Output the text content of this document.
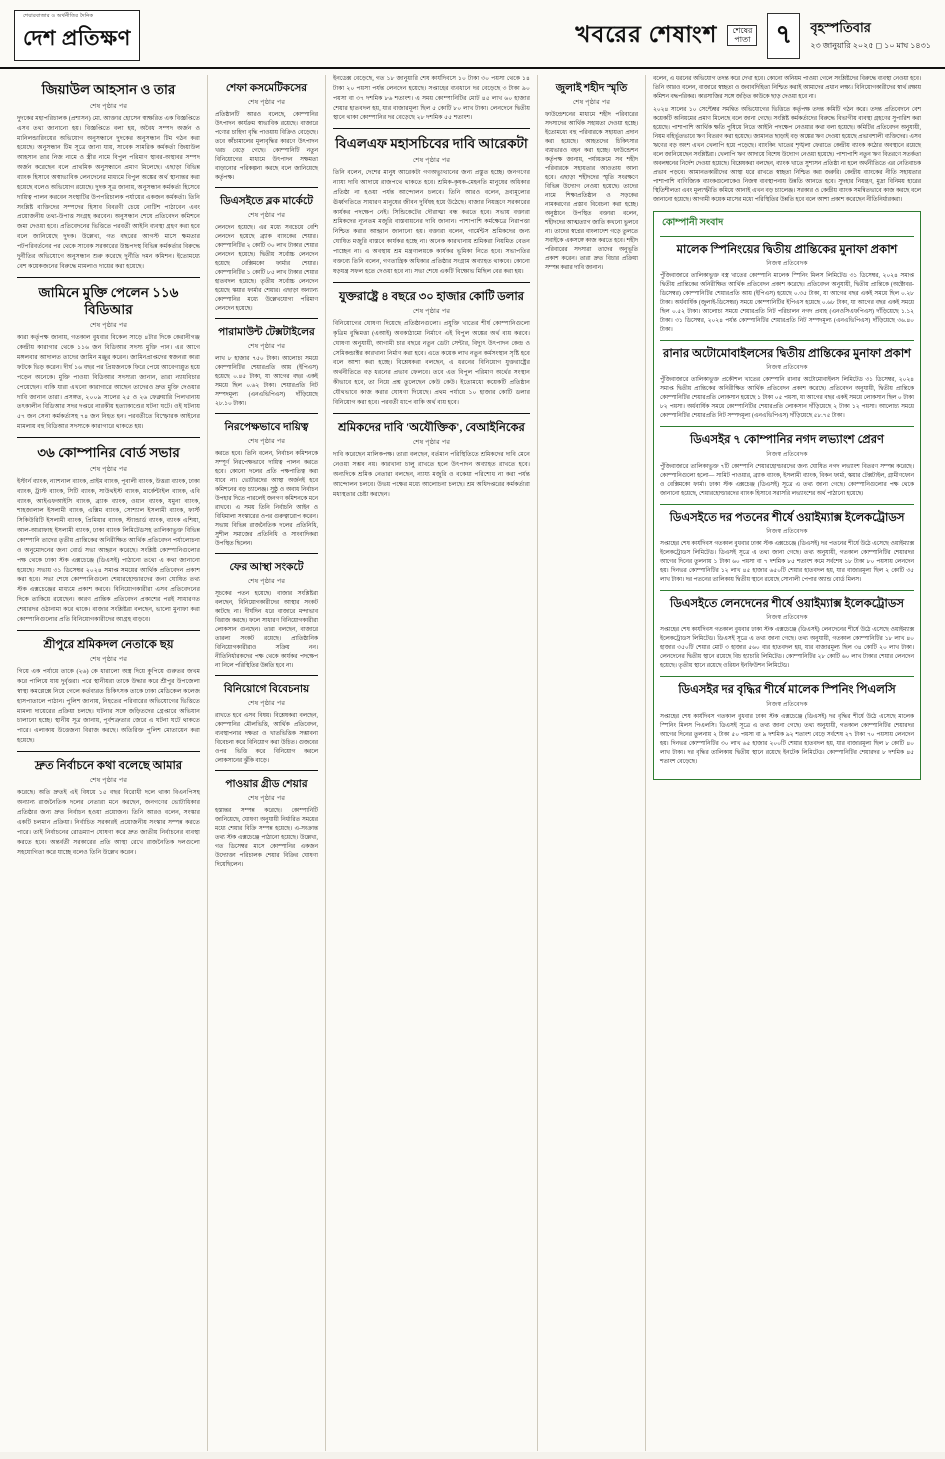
শেয়ারবাজার ও অর্থনীতির দৈনিক
দেশ প্রতিক্ষণ	খবরের শেষাংশ শেষের
পাতা ৭	বৃহস্পতিবার
২৩ জানুয়ারি ২০২৫ ◻ ১০ মাঘ ১৪৩১
জিয়াউল আহসান ও তার
শেষ পৃষ্ঠার পর

দুদকের মহাপরিচালক (প্রশাসন) মো. আক্তার হোসেন স্বাক্ষরিত এক বিজ্ঞপ্তিতে এসব তথ্য জানানো হয়। বিজ্ঞপ্তিতে বলা হয়, অবৈধ সম্পদ অর্জন ও মানিলন্ডারিংয়ের অভিযোগ অনুসন্ধানে দুদকের অনুসন্ধান টিম গঠন করা হয়েছে। অনুসন্ধান টিম সূত্রে জানা যায়, সাবেক সামরিক কর্মকর্তা জিয়াউল আহসান তার নিজ নামে ও স্ত্রীর নামে বিপুল পরিমাণ স্থাবর-অস্থাবর সম্পদ অর্জন করেছেন বলে প্রাথমিক অনুসন্ধানে প্রমাণ মিলেছে। এছাড়া বিভিন্ন ব্যাংক হিসাবে অস্বাভাবিক লেনদেনের মাধ্যমে বিপুল অঙ্কের অর্থ স্থানান্তর করা হয়েছে বলেও অভিযোগ রয়েছে। দুদক সূত্র জানায়, অনুসন্ধান কর্মকর্তা হিসেবে দায়িত্ব পালন করবেন সংস্থাটির উপপরিচালক পর্যায়ের একজন কর্মকর্তা। তিনি সংশ্লিষ্ট ব্যক্তিদের সম্পদের হিসাব বিবরণী চেয়ে নোটিশ পাঠাবেন এবং প্রয়োজনীয় তথ্য-উপাত্ত সংগ্রহ করবেন। অনুসন্ধান শেষে প্রতিবেদন কমিশনে জমা দেওয়া হবে। প্রতিবেদনের ভিত্তিতে পরবর্তী আইনি ব্যবস্থা গ্রহণ করা হবে বলে জানিয়েছে দুদক। উল্লেখ্য, গত বছরের আগস্ট মাসে ক্ষমতার পটপরিবর্তনের পর থেকে সাবেক সরকারের উচ্চপদস্থ বিভিন্ন কর্মকর্তার বিরুদ্ধে দুর্নীতির অভিযোগে অনুসন্ধান শুরু করেছে দুর্নীতি দমন কমিশন। ইতোমধ্যে বেশ কয়েকজনের বিরুদ্ধে মামলাও দায়ের করা হয়েছে।

জামিনে মুক্তি পেলেন ১১৬ বিডিআর
শেষ পৃষ্ঠার পর

কারা কর্তৃপক্ষ জানায়, গতকাল বুধবার বিকেল সাড়ে ৪টার দিকে কেরানীগঞ্জ কেন্দ্রীয় কারাগার থেকে ১১৬ জন বিডিআর সদস্য মুক্তি পান। এর আগে মঙ্গলবার আদালত তাদের জামিন মঞ্জুর করেন। জামিনপ্রাপ্তদের স্বজনরা কারা ফটকে ভিড় করেন। দীর্ঘ ১৬ বছর পর প্রিয়জনকে ফিরে পেয়ে আবেগাপ্লুত হয়ে পড়েন অনেকে। মুক্তি পাওয়া বিডিআর সদস্যরা জানান, তারা ন্যায়বিচার পেয়েছেন। বাকি যারা এখনো কারাগারে আছেন তাদেরও দ্রুত মুক্তি দেওয়ার দাবি জানান তারা। প্রসঙ্গত, ২০০৯ সালের ২৫ ও ২৬ ফেব্রুয়ারি পিলখানায় তৎকালীন বিডিআর সদর দপ্তরে নারকীয় হত্যাকাণ্ডের ঘটনা ঘটে। ওই ঘটনায় ৫৭ জন সেনা কর্মকর্তাসহ ৭৪ জন নিহত হন। পরবর্তীতে বিস্ফোরক আইনের মামলায় বহু বিডিআর সদস্যকে কারাগারে থাকতে হয়।

৩৬ কোম্পানির বোর্ড সভার
শেষ পৃষ্ঠার পর

ইস্টার্ন ব্যাংক, ন্যাশনাল ব্যাংক, প্রাইম ব্যাংক, পূবালী ব্যাংক, উত্তরা ব্যাংক, ঢাকা ব্যাংক, ট্রাস্ট ব্যাংক, সিটি ব্যাংক, সাউথইস্ট ব্যাংক, মার্কেন্টাইল ব্যাংক, এবি ব্যাংক, আইএফআইসি ব্যাংক, ব্র্যাক ব্যাংক, ওয়ান ব্যাংক, যমুনা ব্যাংক, শাহজালাল ইসলামী ব্যাংক, এক্সিম ব্যাংক, সোশ্যাল ইসলামী ব্যাংক, ফার্স্ট সিকিউরিটি ইসলামী ব্যাংক, প্রিমিয়ার ব্যাংক, স্ট্যান্ডার্ড ব্যাংক, ব্যাংক এশিয়া, আল-আরাফাহ ইসলামী ব্যাংক, ঢাকা ব্যাংক লিমিটেডসহ তালিকাভুক্ত বিভিন্ন কোম্পানি তাদের তৃতীয় প্রান্তিকের অনিরীক্ষিত আর্থিক প্রতিবেদন পর্যালোচনা ও অনুমোদনের জন্য বোর্ড সভা আহ্বান করেছে। সংশ্লিষ্ট কোম্পানিগুলোর পক্ষ থেকে ঢাকা স্টক এক্সচেঞ্জে (ডিএসই) পাঠানো তথ্যে এ কথা জানানো হয়েছে। সভায় ৩১ ডিসেম্বর ২০২৪ সমাপ্ত সময়ের আর্থিক প্রতিবেদন প্রকাশ করা হবে। সভা শেষে কোম্পানিগুলো শেয়ারহোল্ডারদের জন্য ঘোষিত তথ্য স্টক এক্সচেঞ্জের মাধ্যমে প্রকাশ করবে। বিনিয়োগকারীরা এসব প্রতিবেদনের দিকে তাকিয়ে রয়েছেন। কারণ প্রান্তিক প্রতিবেদন প্রকাশের পরই সাধারণত শেয়ারদর ওঠানামা করে থাকে। বাজার সংশ্লিষ্টরা বলছেন, ভালো মুনাফা করা কোম্পানিগুলোর প্রতি বিনিয়োগকারীদের আগ্রহ বাড়বে।

শ্রীপুরে শ্রমিকদল নেতাকে ছয়
শেষ পৃষ্ঠার পর

গিয়ে এক পর্যায়ে তাকে (২৬) কে ধারালো অস্ত্র দিয়ে কুপিয়ে গুরুতর জখম করে পালিয়ে যায় দুর্বৃত্তরা। পরে স্থানীয়রা তাকে উদ্ধার করে শ্রীপুর উপজেলা স্বাস্থ্য কমপ্লেক্সে নিয়ে গেলে কর্তব্যরত চিকিৎসক তাকে ঢাকা মেডিকেল কলেজ হাসপাতালে পাঠান। পুলিশ জানায়, নিহতের পরিবারের অভিযোগের ভিত্তিতে মামলা দায়েরের প্রক্রিয়া চলছে। ঘটনার সঙ্গে জড়িতদের গ্রেপ্তারে অভিযান চালানো হচ্ছে। স্থানীয় সূত্র জানায়, পূর্বশত্রুতার জেরে এ ঘটনা ঘটে থাকতে পারে। এলাকায় উত্তেজনা বিরাজ করছে। অতিরিক্ত পুলিশ মোতায়েন করা হয়েছে।

দ্রুত নির্বাচনে কথা বলেছে আমার
শেষ পৃষ্ঠার পর

করেছে। অতি দ্রুতই এই বিষয়ে ১৫ বছর বিরোধী দলে থাকা বিএনপিসহ অন্যান্য রাজনৈতিক দলের নেতারা মনে করছেন, জনগণের ভোটাধিকার প্রতিষ্ঠার জন্য দ্রুত নির্বাচন হওয়া প্রয়োজন। তিনি আরও বলেন, সংস্কার একটি চলমান প্রক্রিয়া। নির্বাচিত সরকারই প্রয়োজনীয় সংস্কার সম্পন্ন করতে পারে। তাই নির্বাচনের রোডম্যাপ ঘোষণা করে দ্রুত জাতীয় নির্বাচনের ব্যবস্থা করতে হবে। অন্তর্বর্তী সরকারের প্রতি আস্থা রেখে রাজনৈতিক দলগুলো সহযোগিতা করে যাচ্ছে বলেও তিনি উল্লেখ করেন।

শেফা কসমেটিকসের
শেষ পৃষ্ঠার পর

প্রতিষ্ঠানটি আরও বলেছে, কোম্পানির উৎপাদন কার্যক্রম স্বাভাবিক রয়েছে। বাজারে পণ্যের চাহিদা বৃদ্ধি পাওয়ায় বিক্রিও বেড়েছে। তবে কাঁচামালের মূল্যবৃদ্ধির কারণে উৎপাদন খরচ বেড়ে গেছে। কোম্পানিটি নতুন বিনিয়োগের মাধ্যমে উৎপাদন সক্ষমতা বাড়ানোর পরিকল্পনা করছে বলে জানিয়েছে কর্তৃপক্ষ।

ডিএসইতে ব্লক মার্কেটে
শেষ পৃষ্ঠার পর

লেনদেন হয়েছে। এর মধ্যে সবচেয়ে বেশি লেনদেন হয়েছে ব্র্যাক ব্যাংকের শেয়ার। কোম্পানিটির ২ কোটি ৩০ লাখ টাকার শেয়ার লেনদেন হয়েছে। দ্বিতীয় সর্বোচ্চ লেনদেন হয়েছে বেক্সিমকো ফার্মার শেয়ার। কোম্পানিটির ১ কোটি ৮৫ লাখ টাকার শেয়ার হাতবদল হয়েছে। তৃতীয় সর্বোচ্চ লেনদেন হয়েছে স্কয়ার ফার্মার শেয়ার। এছাড়া অন্যান্য কোম্পানির মধ্যে উল্লেখযোগ্য পরিমাণ লেনদেন হয়েছে।

পারামাউন্ট টেক্সটাইলের
শেষ পৃষ্ঠার পর

লাখ ৮ হাজার ৭৫০ টাকা। আলোচ্য সময়ে কোম্পানিটির শেয়ারপ্রতি আয় (ইপিএস) হয়েছে ০.৪৫ টাকা, যা আগের বছর একই সময়ে ছিল ০.৬২ টাকা। শেয়ারপ্রতি নিট সম্পদমূল্য (এনএভিপিএস) দাঁড়িয়েছে ২৮.১০ টাকা।

নিরপেক্ষভাবে দায়িত্ব
শেষ পৃষ্ঠার পর

করতে হবে। তিনি বলেন, নির্বাচন কমিশনকে সম্পূর্ণ নিরপেক্ষভাবে দায়িত্ব পালন করতে হবে। কোনো দলের প্রতি পক্ষপাতিত্ব করা যাবে না। ভোটারদের আস্থা অর্জনই হবে কমিশনের বড় চ্যালেঞ্জ। সুষ্ঠু ও অবাধ নির্বাচন উপহার দিতে পারলেই জনগণ কমিশনকে মনে রাখবে। এ সময় তিনি নির্বাচনি আইন ও বিধিমালা সংস্কারের ওপর গুরুত্বারোপ করেন। সভায় বিভিন্ন রাজনৈতিক দলের প্রতিনিধি, সুশীল সমাজের প্রতিনিধি ও সাংবাদিকরা উপস্থিত ছিলেন।

ফের আস্থা সংকটে
শেষ পৃষ্ঠার পর

সূচকের পতন হয়েছে। বাজার সংশ্লিষ্টরা বলছেন, বিনিয়োগকারীদের আস্থার সংকট কাটছে না। দীর্ঘদিন ধরে বাজারে মন্দাভাব বিরাজ করছে। ফলে সাধারণ বিনিয়োগকারীরা লোকসান গুনছেন। তারা বলছেন, বাজারে তারল্য সংকট রয়েছে। প্রাতিষ্ঠানিক বিনিয়োগকারীরাও সক্রিয় নন। নীতিনির্ধারকদের পক্ষ থেকে কার্যকর পদক্ষেপ না নিলে পরিস্থিতির উন্নতি হবে না।

বিনিয়োগে বিবেচনায়
শেষ পৃষ্ঠার পর

রাখতে হবে এসব বিষয়। বিশ্লেষকরা বলছেন, কোম্পানির মৌলভিত্তি, আর্থিক প্রতিবেদন, ব্যবস্থাপনার দক্ষতা ও খাতভিত্তিক সম্ভাবনা বিবেচনা করে বিনিয়োগ করা উচিত। গুজবের ওপর ভিত্তি করে বিনিয়োগ করলে লোকসানের ঝুঁকি বাড়ে।

পাওয়ার গ্রীড শেয়ার
শেষ পৃষ্ঠার পর

হস্তান্তর সম্পন্ন করেছে। কোম্পানিটি জানিয়েছে, ঘোষণা অনুযায়ী নির্ধারিত সময়ের মধ্যে শেয়ার বিক্রি সম্পন্ন হয়েছে। এ-সংক্রান্ত তথ্য স্টক এক্সচেঞ্জে পাঠানো হয়েছে। উল্লেখ্য, গত ডিসেম্বর মাসে কোম্পানির একজন উদ্যোক্তা পরিচালক শেয়ার বিক্রির ঘোষণা দিয়েছিলেন।

ইনডেক্স বেড়েছে, গত ১৮ জানুয়ারি শেষ কার্যদিবসে ১০ টাকা ৩০ পয়সা থেকে ১৪ টাকা ২০ পয়সা পর্যন্ত লেনদেন হয়েছে। সপ্তাহের ব্যবধানে দর বেড়েছে ৩ টাকা ৯০ পয়সা বা ৩৭ দশমিক ৮৬ শতাংশ। এ সময় কোম্পানিটির মোট ৪৫ লাখ ৬০ হাজার শেয়ার হাতবদল হয়, যার বাজারমূল্য ছিল ৫ কোটি ৮০ লাখ টাকা। লেনদেনে দ্বিতীয় স্থানে থাকা কোম্পানির দর বেড়েছে ২৮ দশমিক ৫৫ শতাংশ।

বিএলএফ মহাসচিবের দাবি আরেকটা
শেষ পৃষ্ঠার পর

তিনি বলেন, দেশের মানুষ আরেকটা গণঅভ্যুত্থানের জন্য প্রস্তুত হচ্ছে। জনগণের ন্যায্য দাবি আদায়ে রাজপথে থাকতে হবে। শ্রমিক-কৃষক-মেহনতি মানুষের অধিকার প্রতিষ্ঠা না হওয়া পর্যন্ত আন্দোলন চলবে। তিনি আরও বলেন, দ্রব্যমূল্যের ঊর্ধ্বগতিতে সাধারণ মানুষের জীবন দুর্বিষহ হয়ে উঠেছে। বাজার নিয়ন্ত্রণে সরকারের কার্যকর পদক্ষেপ নেই। সিন্ডিকেটের দৌরাত্ম্য বন্ধ করতে হবে। সভায় বক্তারা শ্রমিকদের ন্যূনতম মজুরি বাস্তবায়নের দাবি জানান। পাশাপাশি কর্মক্ষেত্রে নিরাপত্তা নিশ্চিত করার আহ্বান জানানো হয়। বক্তারা বলেন, গার্মেন্টস শ্রমিকদের জন্য ঘোষিত মজুরি বাস্তবে কার্যকর হচ্ছে না। অনেক কারখানায় শ্রমিকরা নিয়মিত বেতন পাচ্ছেন না। এ অবস্থায় শ্রম মন্ত্রণালয়কে কার্যকর ভূমিকা নিতে হবে। সভাপতির বক্তব্যে তিনি বলেন, গণতান্ত্রিক অধিকার প্রতিষ্ঠার সংগ্রাম অব্যাহত থাকবে। কোনো ষড়যন্ত্র সফল হতে দেওয়া হবে না। সভা শেষে একটি বিক্ষোভ মিছিল বের করা হয়।

যুক্তরাষ্ট্রে ৪ বছরে ৩০ হাজার কোটি ডলার
শেষ পৃষ্ঠার পর

বিনিয়োগের ঘোষণা দিয়েছে প্রতিষ্ঠানগুলো। প্রযুক্তি খাতের শীর্ষ কোম্পানিগুলো কৃত্রিম বুদ্ধিমত্তা (এআই) অবকাঠামো নির্মাণে এই বিপুল অঙ্কের অর্থ ব্যয় করবে। ঘোষণা অনুযায়ী, আগামী চার বছরে নতুন ডেটা সেন্টার, বিদ্যুৎ উৎপাদন কেন্দ্র ও সেমিকন্ডাক্টর কারখানা নির্মাণ করা হবে। এতে কয়েক লাখ নতুন কর্মসংস্থান সৃষ্টি হবে বলে আশা করা হচ্ছে। বিশ্লেষকরা বলছেন, এ ধরনের বিনিয়োগ যুক্তরাষ্ট্রের অর্থনীতিতে বড় ধরনের প্রভাব ফেলবে। তবে এত বিপুল পরিমাণ অর্থের সংস্থান কীভাবে হবে, তা নিয়ে প্রশ্ন তুলেছেন কেউ কেউ। ইতোমধ্যে কয়েকটি প্রতিষ্ঠান যৌথভাবে কাজ করার ঘোষণা দিয়েছে। প্রথম পর্যায়ে ১০ হাজার কোটি ডলার বিনিয়োগ করা হবে। পরবর্তী ধাপে বাকি অর্থ ব্যয় হবে।

শ্রমিকদের দাবি 'অযৌক্তিক', বেআইনিকের
শেষ পৃষ্ঠার পর

দাবি করেছেন মালিকপক্ষ। তারা বলছেন, বর্তমান পরিস্থিতিতে শ্রমিকদের দাবি মেনে নেওয়া সম্ভব নয়। কারখানা চালু রাখতে হলে উৎপাদন অব্যাহত রাখতে হবে। অন্যদিকে শ্রমিক নেতারা বলছেন, ন্যায্য মজুরি ও বকেয়া পরিশোধ না করা পর্যন্ত আন্দোলন চলবে। উভয় পক্ষের মধ্যে আলোচনা চলছে। শ্রম অধিদপ্তরের কর্মকর্তারা মধ্যস্থতার চেষ্টা করছেন।

জুলাই শহীদ স্মৃতি
শেষ পৃষ্ঠার পর

ফাউন্ডেশনের মাধ্যমে শহীদ পরিবারের সদস্যদের আর্থিক সহায়তা দেওয়া হচ্ছে। ইতোমধ্যে বহু পরিবারকে সহায়তা প্রদান করা হয়েছে। আহতদের চিকিৎসার ব্যয়ভারও বহন করা হচ্ছে। ফাউন্ডেশন কর্তৃপক্ষ জানায়, পর্যায়ক্রমে সব শহীদ পরিবারকে সহায়তার আওতায় আনা হবে। এছাড়া শহীদদের স্মৃতি সংরক্ষণে বিভিন্ন উদ্যোগ নেওয়া হয়েছে। তাদের নামে শিক্ষাপ্রতিষ্ঠান ও সড়কের নামকরণের প্রস্তাব বিবেচনা করা হচ্ছে। অনুষ্ঠানে উপস্থিত বক্তারা বলেন, শহীদদের আত্মত্যাগ জাতি কখনো ভুলবে না। তাদের স্বপ্নের বাংলাদেশ গড়ে তুলতে সবাইকে একসঙ্গে কাজ করতে হবে। শহীদ পরিবারের সদস্যরা তাদের অনুভূতি প্রকাশ করেন। তারা দ্রুত বিচার প্রক্রিয়া সম্পন্ন করার দাবি জানান।

বলেন, এ ধরনের অভিযোগ তদন্ত করে দেখা হবে। কোনো অনিয়ম পাওয়া গেলে সংশ্লিষ্টদের বিরুদ্ধে ব্যবস্থা নেওয়া হবে। তিনি আরও বলেন, বাজারে স্বচ্ছতা ও জবাবদিহিতা নিশ্চিত করাই আমাদের প্রধান লক্ষ্য। বিনিয়োগকারীদের স্বার্থ রক্ষায় কমিশন বদ্ধপরিকর। কারসাজির সঙ্গে জড়িত কাউকে ছাড় দেওয়া হবে না।

২০২৪ সালের ১০ সেপ্টেম্বর সমন্বিত অভিযোগের ভিত্তিতে কর্তৃপক্ষ তদন্ত কমিটি গঠন করে। তদন্ত প্রতিবেদনে বেশ কয়েকটি অনিয়মের প্রমাণ মিলেছে বলে জানা গেছে। সংশ্লিষ্ট কর্মকর্তাদের বিরুদ্ধে বিভাগীয় ব্যবস্থা গ্রহণের সুপারিশ করা হয়েছে। পাশাপাশি আর্থিক ক্ষতি পুষিয়ে নিতে আইনি পদক্ষেপ নেওয়ার কথা বলা হয়েছে। কমিটির প্রতিবেদন অনুযায়ী, নিয়ম বহির্ভূতভাবে ঋণ বিতরণ করা হয়েছে। জামানত ছাড়াই বড় অঙ্কের ঋণ দেওয়া হয়েছে প্রভাবশালী ব্যক্তিদের। এসব ঋণের বড় অংশ এখন খেলাপি হয়ে পড়েছে। ব্যাংকিং খাতের শৃঙ্খলা ফেরাতে কেন্দ্রীয় ব্যাংক কঠোর অবস্থানে রয়েছে বলে জানিয়েছেন সংশ্লিষ্টরা। খেলাপি ঋণ আদায়ে বিশেষ উদ্যোগ নেওয়া হয়েছে। পাশাপাশি নতুন ঋণ বিতরণে সতর্কতা অবলম্বনের নির্দেশ দেওয়া হয়েছে। বিশ্লেষকরা বলছেন, ব্যাংক খাতে সুশাসন প্রতিষ্ঠা না হলে অর্থনীতিতে এর নেতিবাচক প্রভাব পড়বে। আমানতকারীদের আস্থা ধরে রাখতে স্বচ্ছতা নিশ্চিত করা জরুরি। কেন্দ্রীয় ব্যাংকের নীতি সহায়তার পাশাপাশি বাণিজ্যিক ব্যাংকগুলোকেও নিজস্ব ব্যবস্থাপনায় উন্নতি আনতে হবে। সুদহার নিয়ন্ত্রণ, মুদ্রা বিনিময় হারের স্থিতিশীলতা এবং মূল্যস্ফীতি কমিয়ে আনাই এখন বড় চ্যালেঞ্জ। সরকার ও কেন্দ্রীয় ব্যাংক সমন্বিতভাবে কাজ করছে বলে জানানো হয়েছে। আগামী কয়েক মাসের মধ্যে পরিস্থিতির উন্নতি হবে বলে আশা প্রকাশ করেছেন নীতিনির্ধারকরা।

কোম্পানী সংবাদ
মালেক স্পিনিংয়ের দ্বিতীয় প্রান্তিকের মুনাফা প্রকাশ
নিজস্ব প্রতিবেদক

পুঁজিবাজারে তালিকাভুক্ত বস্ত্র খাতের কোম্পানি মালেক স্পিনিং মিলস লিমিটেড ৩১ ডিসেম্বর, ২০২৪ সমাপ্ত দ্বিতীয় প্রান্তিকের অনিরীক্ষিত আর্থিক প্রতিবেদন প্রকাশ করেছে। প্রতিবেদন অনুযায়ী, দ্বিতীয় প্রান্তিকে (অক্টোবর-ডিসেম্বর) কোম্পানিটির শেয়ারপ্রতি আয় (ইপিএস) হয়েছে ০.৩৫ টাকা, যা আগের বছর একই সময়ে ছিল ০.২৮ টাকা। অর্ধবার্ষিক (জুলাই-ডিসেম্বর) সময়ে কোম্পানিটির ইপিএস হয়েছে ০.৬৮ টাকা, যা আগের বছর একই সময়ে ছিল ০.৫২ টাকা। আলোচ্য সময়ে শেয়ারপ্রতি নিট পরিচালন নগদ প্রবাহ (এনওসিএফপিএস) দাঁড়িয়েছে ১.১২ টাকা। ৩১ ডিসেম্বর, ২০২৪ পর্যন্ত কোম্পানিটির শেয়ারপ্রতি নিট সম্পদমূল্য (এনএভিপিএস) দাঁড়িয়েছে ৩৬.৪০ টাকা।

রানার অটোমোবাইলসের দ্বিতীয় প্রান্তিকের মুনাফা প্রকাশ
নিজস্ব প্রতিবেদক

পুঁজিবাজারে তালিকাভুক্ত প্রকৌশল খাতের কোম্পানি রানার অটোমোবাইলস লিমিটেড ৩১ ডিসেম্বর, ২০২৪ সমাপ্ত দ্বিতীয় প্রান্তিকের অনিরীক্ষিত আর্থিক প্রতিবেদন প্রকাশ করেছে। প্রতিবেদন অনুযায়ী, দ্বিতীয় প্রান্তিকে কোম্পানিটির শেয়ারপ্রতি লোকসান হয়েছে ১ টাকা ০৫ পয়সা, যা আগের বছর একই সময়ে লোকসান ছিল ০ টাকা ৮২ পয়সা। অর্ধবার্ষিক সময়ে কোম্পানিটির শেয়ারপ্রতি লোকসান দাঁড়িয়েছে ২ টাকা ১২ পয়সা। আলোচ্য সময়ে কোম্পানিটির শেয়ারপ্রতি নিট সম্পদমূল্য (এনএভিপিএস) দাঁড়িয়েছে ৫৮.৭৫ টাকা।

ডিএসইর ৭ কোম্পানির নগদ লভ্যাংশ প্রেরণ
নিজস্ব প্রতিবেদক

পুঁজিবাজারে তালিকাভুক্ত ৭টি কোম্পানি শেয়ারহোল্ডারদের জন্য ঘোষিত নগদ লভ্যাংশ বিতরণ সম্পন্ন করেছে। কোম্পানিগুলো হলো— সামিট পাওয়ার, ব্র্যাক ব্যাংক, ইসলামী ব্যাংক, বিকন ফার্মা, স্কয়ার টেক্সটাইল, গ্রামীণফোন ও বেক্সিমকো ফার্মা। ঢাকা স্টক এক্সচেঞ্জ (ডিএসই) সূত্রে এ তথ্য জানা গেছে। কোম্পানিগুলোর পক্ষ থেকে জানানো হয়েছে, শেয়ারহোল্ডারদের ব্যাংক হিসাবে সরাসরি লভ্যাংশের অর্থ পাঠানো হয়েছে।

ডিএসইতে দর পতনের শীর্ষে ওয়াইম্যাক্স ইলেকট্রোডস
নিজস্ব প্রতিবেদক

সপ্তাহের শেষ কার্যদিবস গতকাল বুধবার ঢাকা স্টক এক্সচেঞ্জে (ডিএসই) দর পতনের শীর্ষে উঠে এসেছে ওয়াইম্যাক্স ইলেকট্রোডস লিমিটেড। ডিএসই সূত্রে এ তথ্য জানা গেছে। তথ্য অনুযায়ী, গতকাল কোম্পানিটির শেয়ারদর আগের দিনের তুলনায় ১ টাকা ৬০ পয়সা বা ৭ দশমিক ৮৫ শতাংশ কমে সর্বশেষ ১৮ টাকা ৮০ পয়সায় লেনদেন হয়। দিনভর কোম্পানিটির ১২ লাখ ৪৫ হাজার ৬৫০টি শেয়ার হাতবদল হয়, যার বাজারমূল্য ছিল ২ কোটি ৩৫ লাখ টাকা। দর পতনের তালিকায় দ্বিতীয় স্থানে রয়েছে সোনালী পেপার অ্যান্ড বোর্ড মিলস।

ডিএসইতে লেনদেনের শীর্ষে ওয়াইম্যাক্স ইলেকট্রোডস
নিজস্ব প্রতিবেদক

সপ্তাহের শেষ কার্যদিবস গতকাল বুধবার ঢাকা স্টক এক্সচেঞ্জে (ডিএসই) লেনদেনের শীর্ষে উঠে এসেছে ওয়াইম্যাক্স ইলেকট্রোডস লিমিটেড। ডিএসই সূত্রে এ তথ্য জানা গেছে। তথ্য অনুযায়ী, গতকাল কোম্পানিটির ১৮ লাখ ৪০ হাজার ৩৫০টি শেয়ার মোট ৩ হাজার ৫৬০ বার হাতবদল হয়, যার বাজারমূল্য ছিল ৩৪ কোটি ২০ লাখ টাকা। লেনদেনের দ্বিতীয় স্থানে রয়েছে বিচ হ্যাচারি লিমিটেড। কোম্পানিটির ২৮ কোটি ৬০ লাখ টাকার শেয়ার লেনদেন হয়েছে। তৃতীয় স্থানে রয়েছে ওরিয়ন ইনফিউশন লিমিটেড।

ডিএসইর দর বৃদ্ধির শীর্ষে মালেক স্পিনিং পিএলসি
নিজস্ব প্রতিবেদক

সপ্তাহের শেষ কার্যদিবস গতকাল বুধবার ঢাকা স্টক এক্সচেঞ্জে (ডিএসই) দর বৃদ্ধির শীর্ষে উঠে এসেছে মালেক স্পিনিং মিলস পিএলসি। ডিএসই সূত্রে এ তথ্য জানা গেছে। তথ্য অনুযায়ী, গতকাল কোম্পানিটির শেয়ারদর আগের দিনের তুলনায় ২ টাকা ৫০ পয়সা বা ৯ দশমিক ৯২ শতাংশ বেড়ে সর্বশেষ ২৭ টাকা ৭০ পয়সায় লেনদেন হয়। দিনভর কোম্পানিটির ৩০ লাখ ৬৫ হাজার ২০০টি শেয়ার হাতবদল হয়, যার বাজারমূল্য ছিল ৮ কোটি ৪০ লাখ টাকা। দর বৃদ্ধির তালিকায় দ্বিতীয় স্থানে রয়েছে ইনটেক লিমিটেড। কোম্পানিটির শেয়ারদর ৮ দশমিক ৪৫ শতাংশ বেড়েছে।
